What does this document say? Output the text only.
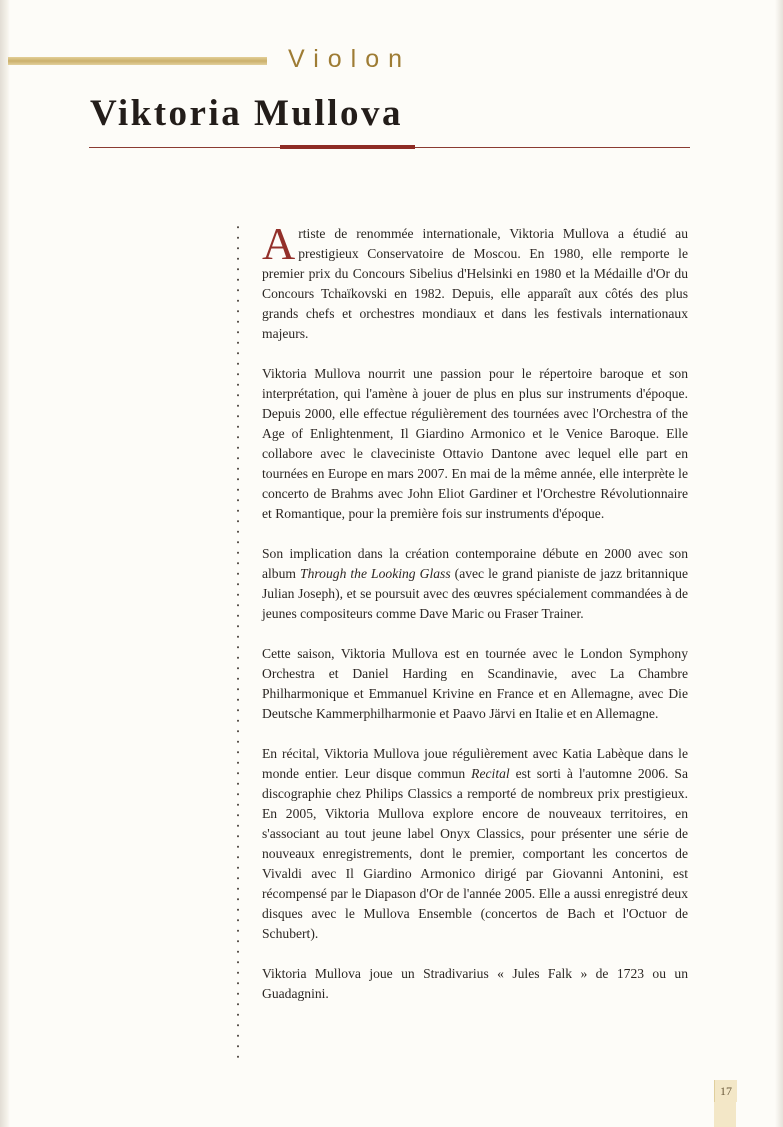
Violon
Viktoria Mullova

Artiste de renommée internationale, Viktoria Mullova a étudié au prestigieux Conservatoire de Moscou. En 1980, elle remporte le premier prix du Concours Sibelius d'Helsinki en 1980 et la Médaille d'Or du Concours Tchaïkovski en 1982. Depuis, elle apparaît aux côtés des plus grands chefs et orchestres mondiaux et dans les festivals internationaux majeurs.

Viktoria Mullova nourrit une passion pour le répertoire baroque et son interprétation, qui l'amène à jouer de plus en plus sur instruments d'époque. Depuis 2000, elle effectue régulièrement des tournées avec l'Orchestra of the Age of Enlightenment, Il Giardino Armonico et le Venice Baroque. Elle collabore avec le claveciniste Ottavio Dantone avec lequel elle part en tournées en Europe en mars 2007. En mai de la même année, elle interprète le concerto de Brahms avec John Eliot Gardiner et l'Orchestre Révolutionnaire et Romantique, pour la première fois sur instruments d'époque.

Son implication dans la création contemporaine débute en 2000 avec son album Through the Looking Glass (avec le grand pianiste de jazz britannique Julian Joseph), et se poursuit avec des œuvres spécialement commandées à de jeunes compositeurs comme Dave Maric ou Fraser Trainer.

Cette saison, Viktoria Mullova est en tournée avec le London Symphony Orchestra et Daniel Harding en Scandinavie, avec La Chambre Philharmonique et Emmanuel Krivine en France et en Allemagne, avec Die Deutsche Kammerphilharmonie et Paavo Järvi en Italie et en Allemagne.

En récital, Viktoria Mullova joue régulièrement avec Katia Labèque dans le monde entier. Leur disque commun Recital est sorti à l'automne 2006. Sa discographie chez Philips Classics a remporté de nombreux prix prestigieux. En 2005, Viktoria Mullova explore encore de nouveaux territoires, en s'associant au tout jeune label Onyx Classics, pour présenter une série de nouveaux enregistrements, dont le premier, comportant les concertos de Vivaldi avec Il Giardino Armonico dirigé par Giovanni Antonini, est récompensé par le Diapason d'Or de l'année 2005. Elle a aussi enregistré deux disques avec le Mullova Ensemble (concertos de Bach et l'Octuor de Schubert).

Viktoria Mullova joue un Stradivarius « Jules Falk » de 1723 ou un Guadagnini.

17
